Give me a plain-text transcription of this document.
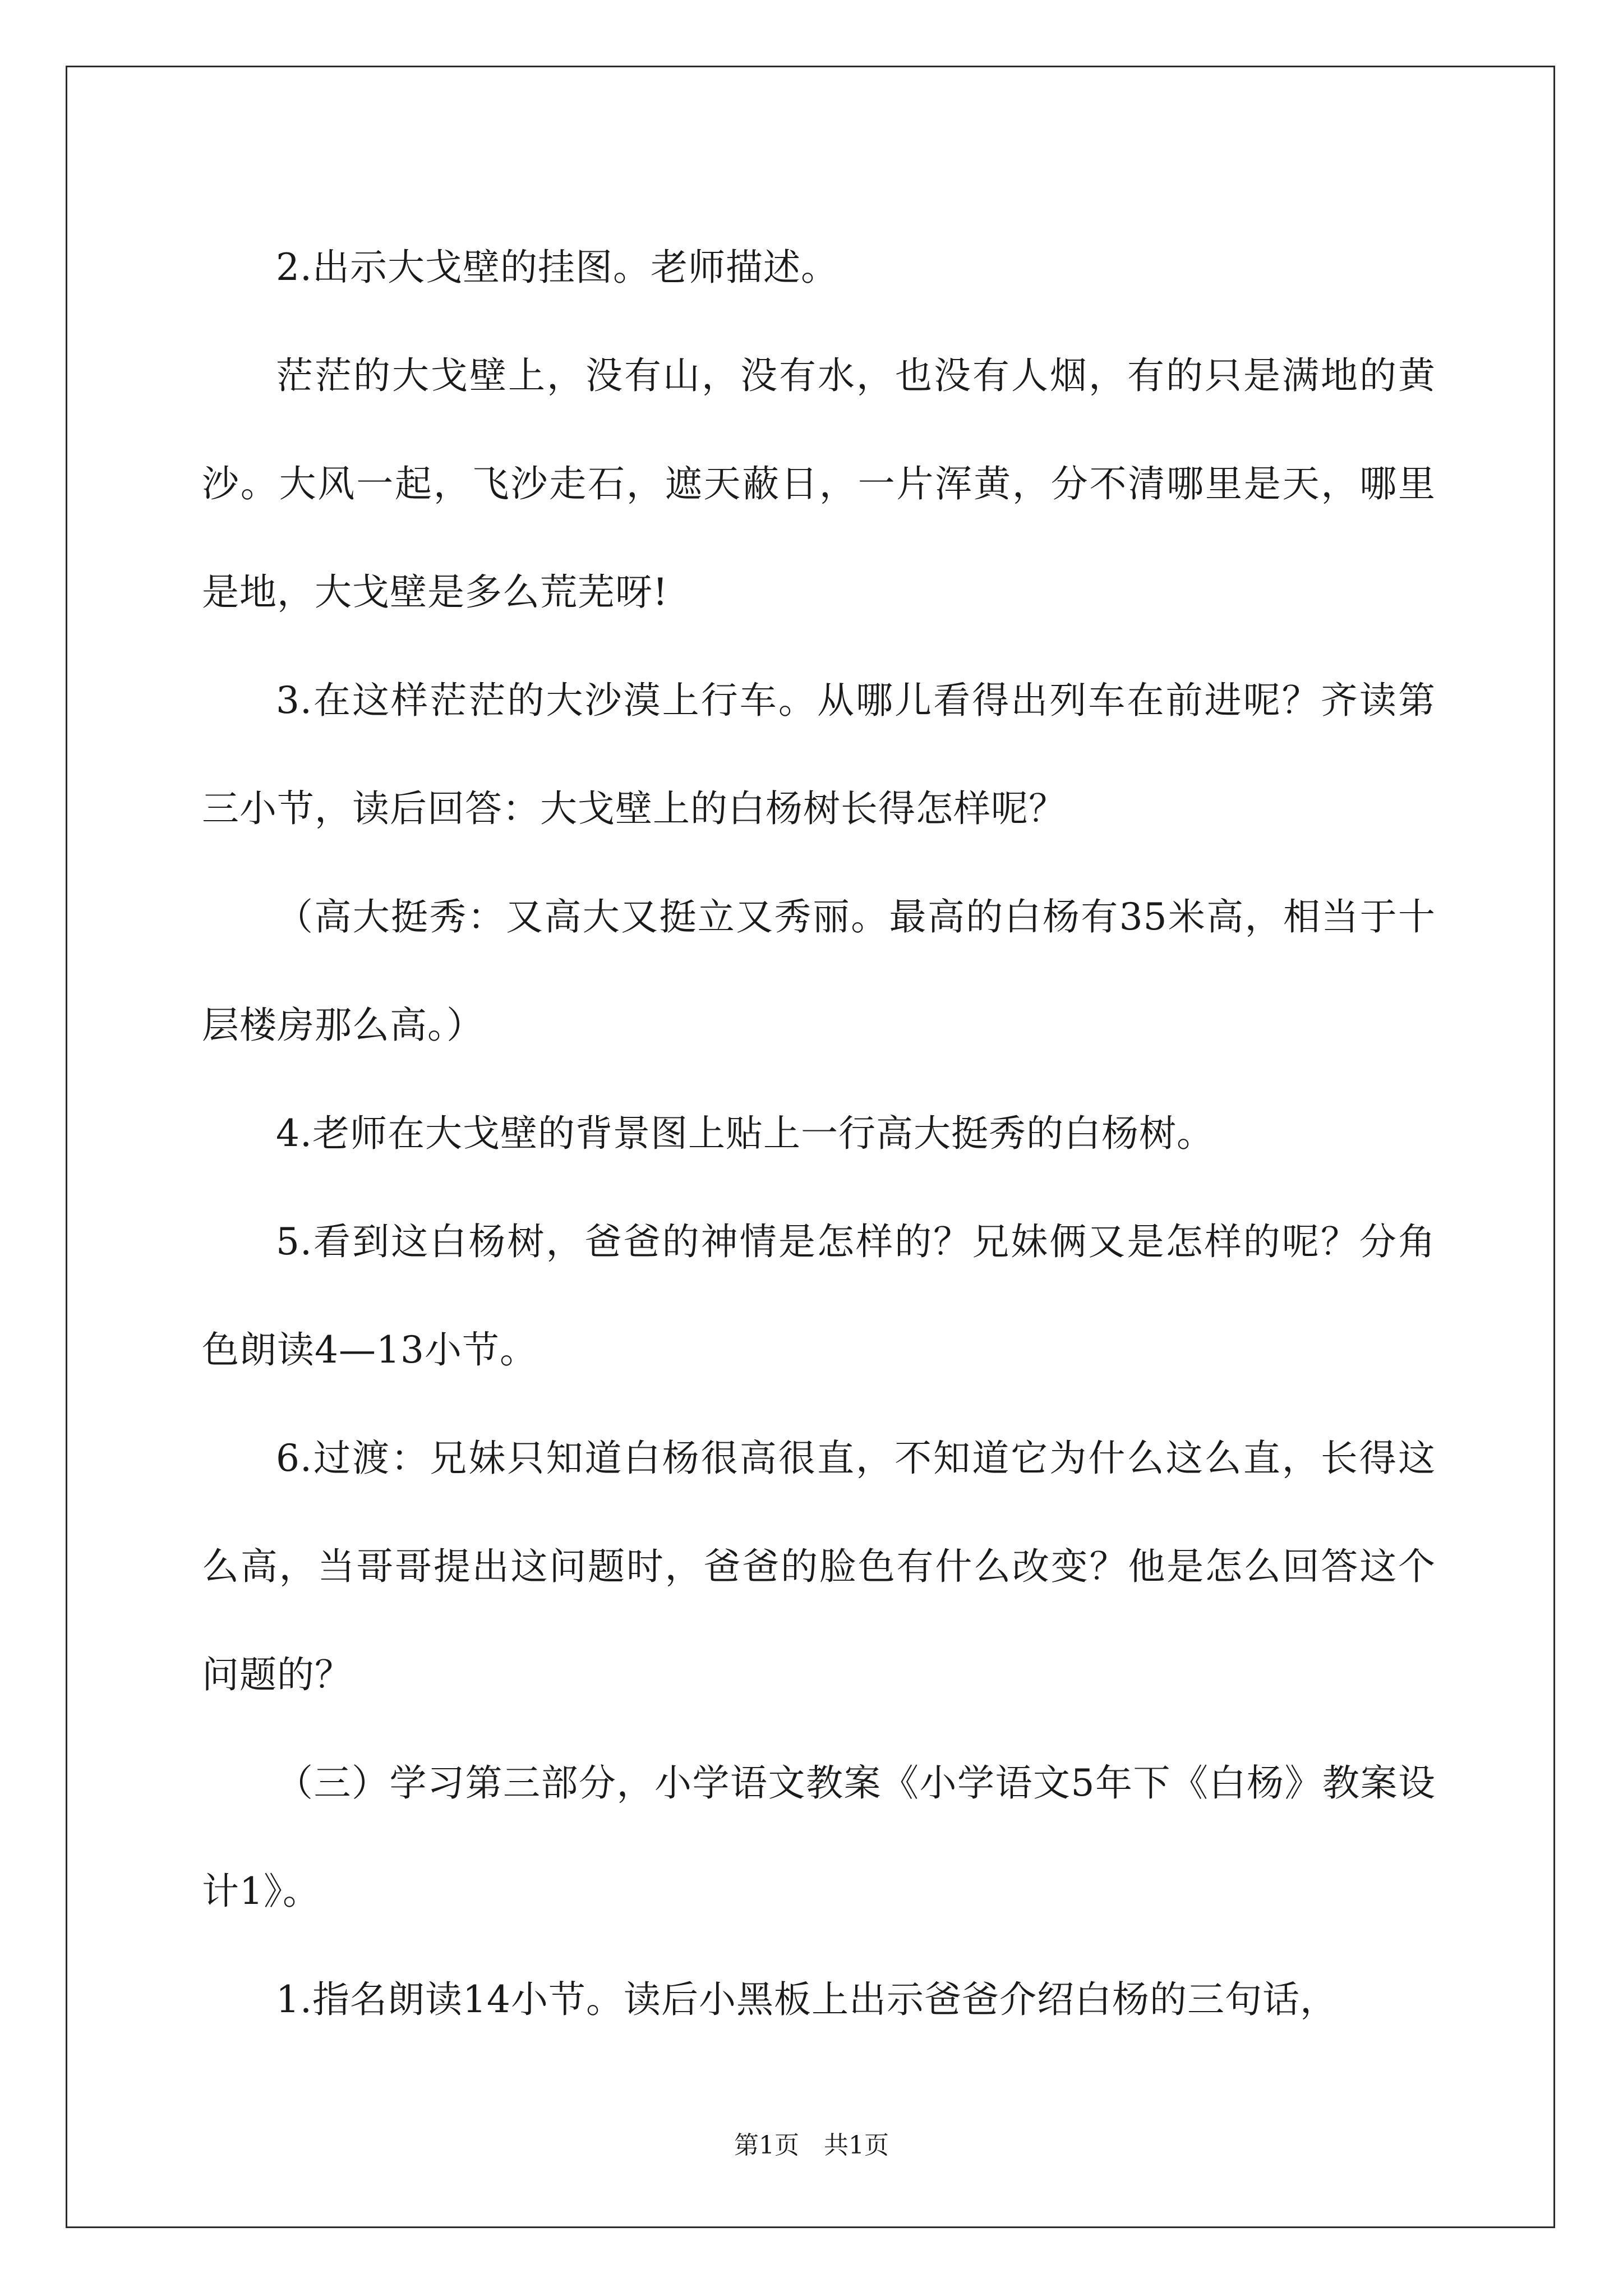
2.出示大戈壁的挂图。老师描述。

茫茫的大戈壁上，没有山，没有水，也没有人烟，有的只是满地的黄沙。大风一起，飞沙走石，遮天蔽日，一片浑黄，分不清哪里是天，哪里是地，大戈壁是多么荒芜呀!

3.在这样茫茫的大沙漠上行车。从哪儿看得出列车在前进呢？齐读第三小节，读后回答：大戈壁上的白杨树长得怎样呢？

（高大挺秀：又高大又挺立又秀丽。最高的白杨有35米高，相当于十层楼房那么高。）

4.老师在大戈壁的背景图上贴上一行高大挺秀的白杨树。

5.看到这白杨树，爸爸的神情是怎样的？兄妹俩又是怎样的呢？分角色朗读4—13小节。

6.过渡：兄妹只知道白杨很高很直，不知道它为什么这么直，长得这么高，当哥哥提出这问题时，爸爸的脸色有什么改变？他是怎么回答这个问题的？

（三）学习第三部分，小学语文教案《小学语文5年下《白杨》教案设计1》。

1.指名朗读14小节。读后小黑板上出示爸爸介绍白杨的三句话，

第1页　共1页
